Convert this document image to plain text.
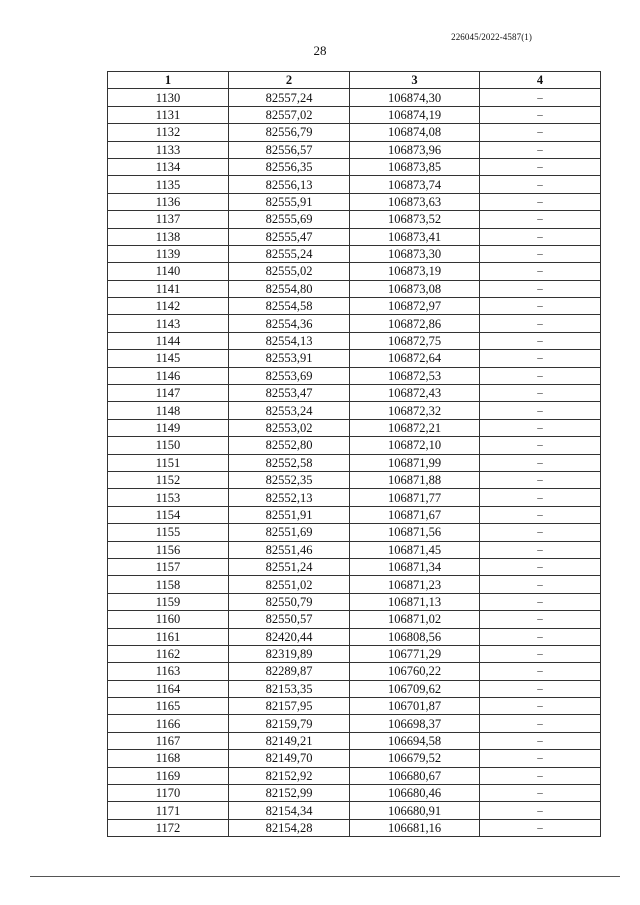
226045/2022-4587(1)
28
1	2	3	4
1130	82557,24	106874,30	–
1131	82557,02	106874,19	–
1132	82556,79	106874,08	–
1133	82556,57	106873,96	–
1134	82556,35	106873,85	–
1135	82556,13	106873,74	–
1136	82555,91	106873,63	–
1137	82555,69	106873,52	–
1138	82555,47	106873,41	–
1139	82555,24	106873,30	–
1140	82555,02	106873,19	–
1141	82554,80	106873,08	–
1142	82554,58	106872,97	–
1143	82554,36	106872,86	–
1144	82554,13	106872,75	–
1145	82553,91	106872,64	–
1146	82553,69	106872,53	–
1147	82553,47	106872,43	–
1148	82553,24	106872,32	–
1149	82553,02	106872,21	–
1150	82552,80	106872,10	–
1151	82552,58	106871,99	–
1152	82552,35	106871,88	–
1153	82552,13	106871,77	–
1154	82551,91	106871,67	–
1155	82551,69	106871,56	–
1156	82551,46	106871,45	–
1157	82551,24	106871,34	–
1158	82551,02	106871,23	–
1159	82550,79	106871,13	–
1160	82550,57	106871,02	–
1161	82420,44	106808,56	–
1162	82319,89	106771,29	–
1163	82289,87	106760,22	–
1164	82153,35	106709,62	–
1165	82157,95	106701,87	–
1166	82159,79	106698,37	–
1167	82149,21	106694,58	–
1168	82149,70	106679,52	–
1169	82152,92	106680,67	–
1170	82152,99	106680,46	–
1171	82154,34	106680,91	–
1172	82154,28	106681,16	–
